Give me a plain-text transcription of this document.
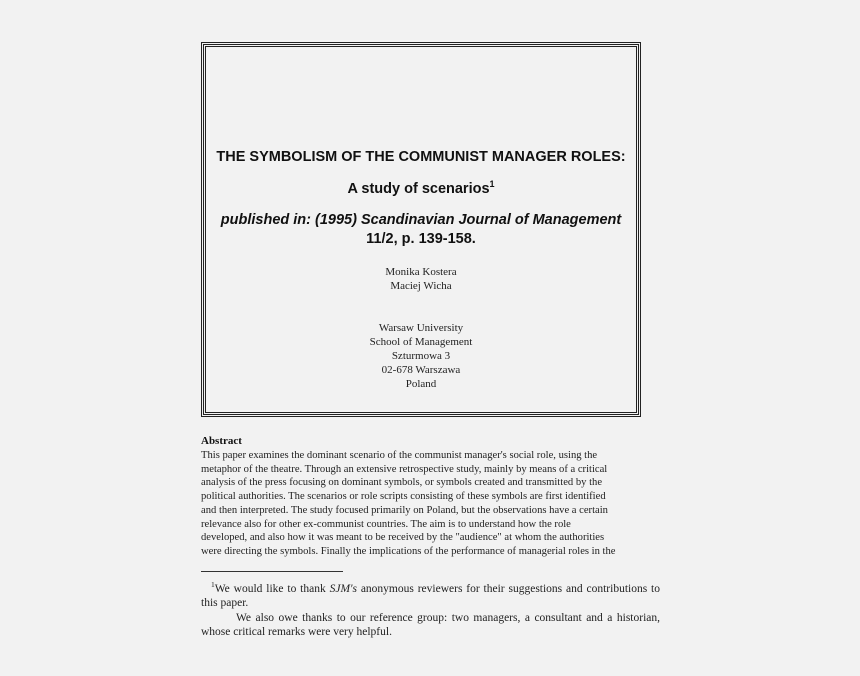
THE SYMBOLISM OF THE COMMUNIST MANAGER ROLES:
A study of scenarios$^1$
published in: (1995) Scandinavian Journal of Management
11/2, p. 139-158.
Monika Kostera
Maciej Wicha
Warsaw University
School of Management
Szturmowa 3
02-678 Warszawa
Poland
Abstract
This paper examines the dominant scenario of the communist manager's social role, using the
metaphor of the theatre. Through an extensive retrospective study, mainly by means of a critical
analysis of the press focusing on dominant symbols, or symbols created and transmitted by the
political authorities. The scenarios or role scripts consisting of these symbols are first identified
and then interpreted. The study focused primarily on Poland, but the observations have a certain
relevance also for other ex-communist countries. The aim is to understand how the role
developed, and also how it was meant to be received by the "audience" at whom the authorities
were directing the symbols. Finally the implications of the performance of managerial roles in the
$^1$We would like to thank SJM's anonymous reviewers for their suggestions and contributions to this paper.
We also owe thanks to our reference group: two managers, a consultant and a historian, whose critical remarks were very helpful.
